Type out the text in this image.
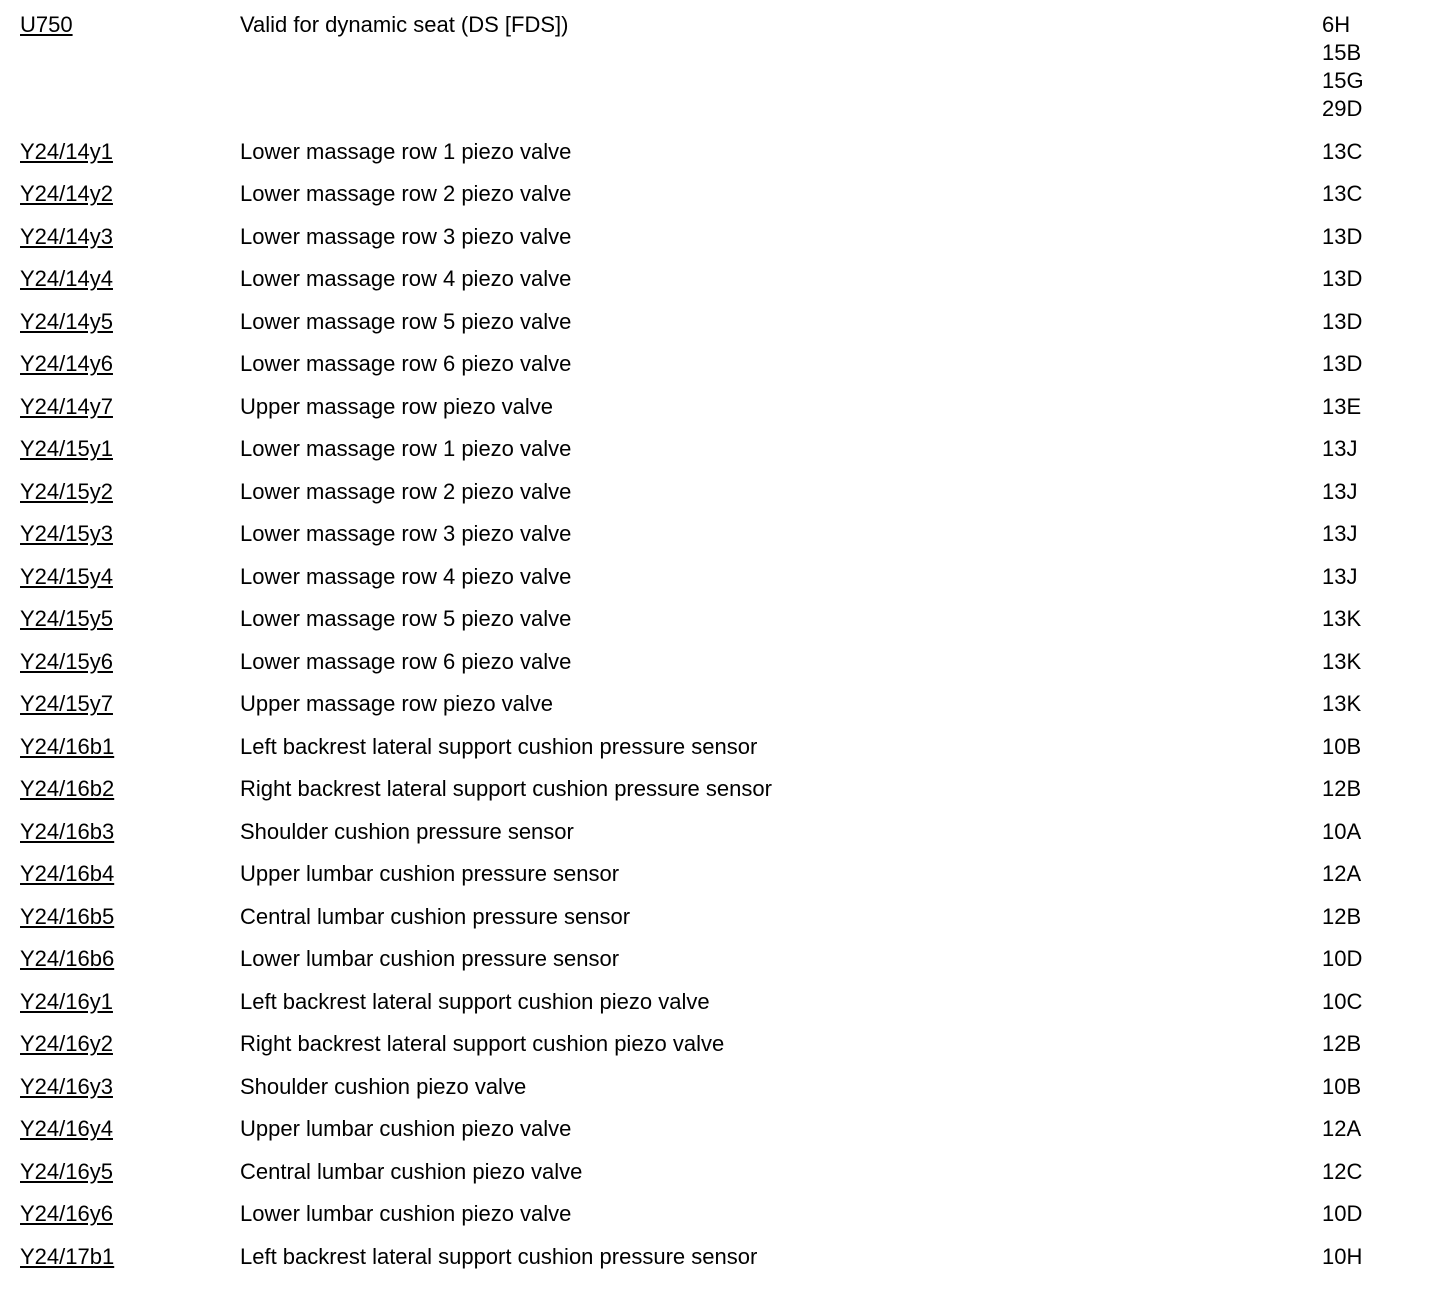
U750	Valid for dynamic seat (DS [FDS])	6H
15B
15G
29D
Y24/14y1	Lower massage row 1 piezo valve	13C
Y24/14y2	Lower massage row 2 piezo valve	13C
Y24/14y3	Lower massage row 3 piezo valve	13D
Y24/14y4	Lower massage row 4 piezo valve	13D
Y24/14y5	Lower massage row 5 piezo valve	13D
Y24/14y6	Lower massage row 6 piezo valve	13D
Y24/14y7	Upper massage row piezo valve	13E
Y24/15y1	Lower massage row 1 piezo valve	13J
Y24/15y2	Lower massage row 2 piezo valve	13J
Y24/15y3	Lower massage row 3 piezo valve	13J
Y24/15y4	Lower massage row 4 piezo valve	13J
Y24/15y5	Lower massage row 5 piezo valve	13K
Y24/15y6	Lower massage row 6 piezo valve	13K
Y24/15y7	Upper massage row piezo valve	13K
Y24/16b1	Left backrest lateral support cushion pressure sensor	10B
Y24/16b2	Right backrest lateral support cushion pressure sensor	12B
Y24/16b3	Shoulder cushion pressure sensor	10A
Y24/16b4	Upper lumbar cushion pressure sensor	12A
Y24/16b5	Central lumbar cushion pressure sensor	12B
Y24/16b6	Lower lumbar cushion pressure sensor	10D
Y24/16y1	Left backrest lateral support cushion piezo valve	10C
Y24/16y2	Right backrest lateral support cushion piezo valve	12B
Y24/16y3	Shoulder cushion piezo valve	10B
Y24/16y4	Upper lumbar cushion piezo valve	12A
Y24/16y5	Central lumbar cushion piezo valve	12C
Y24/16y6	Lower lumbar cushion piezo valve	10D
Y24/17b1	Left backrest lateral support cushion pressure sensor	10H
